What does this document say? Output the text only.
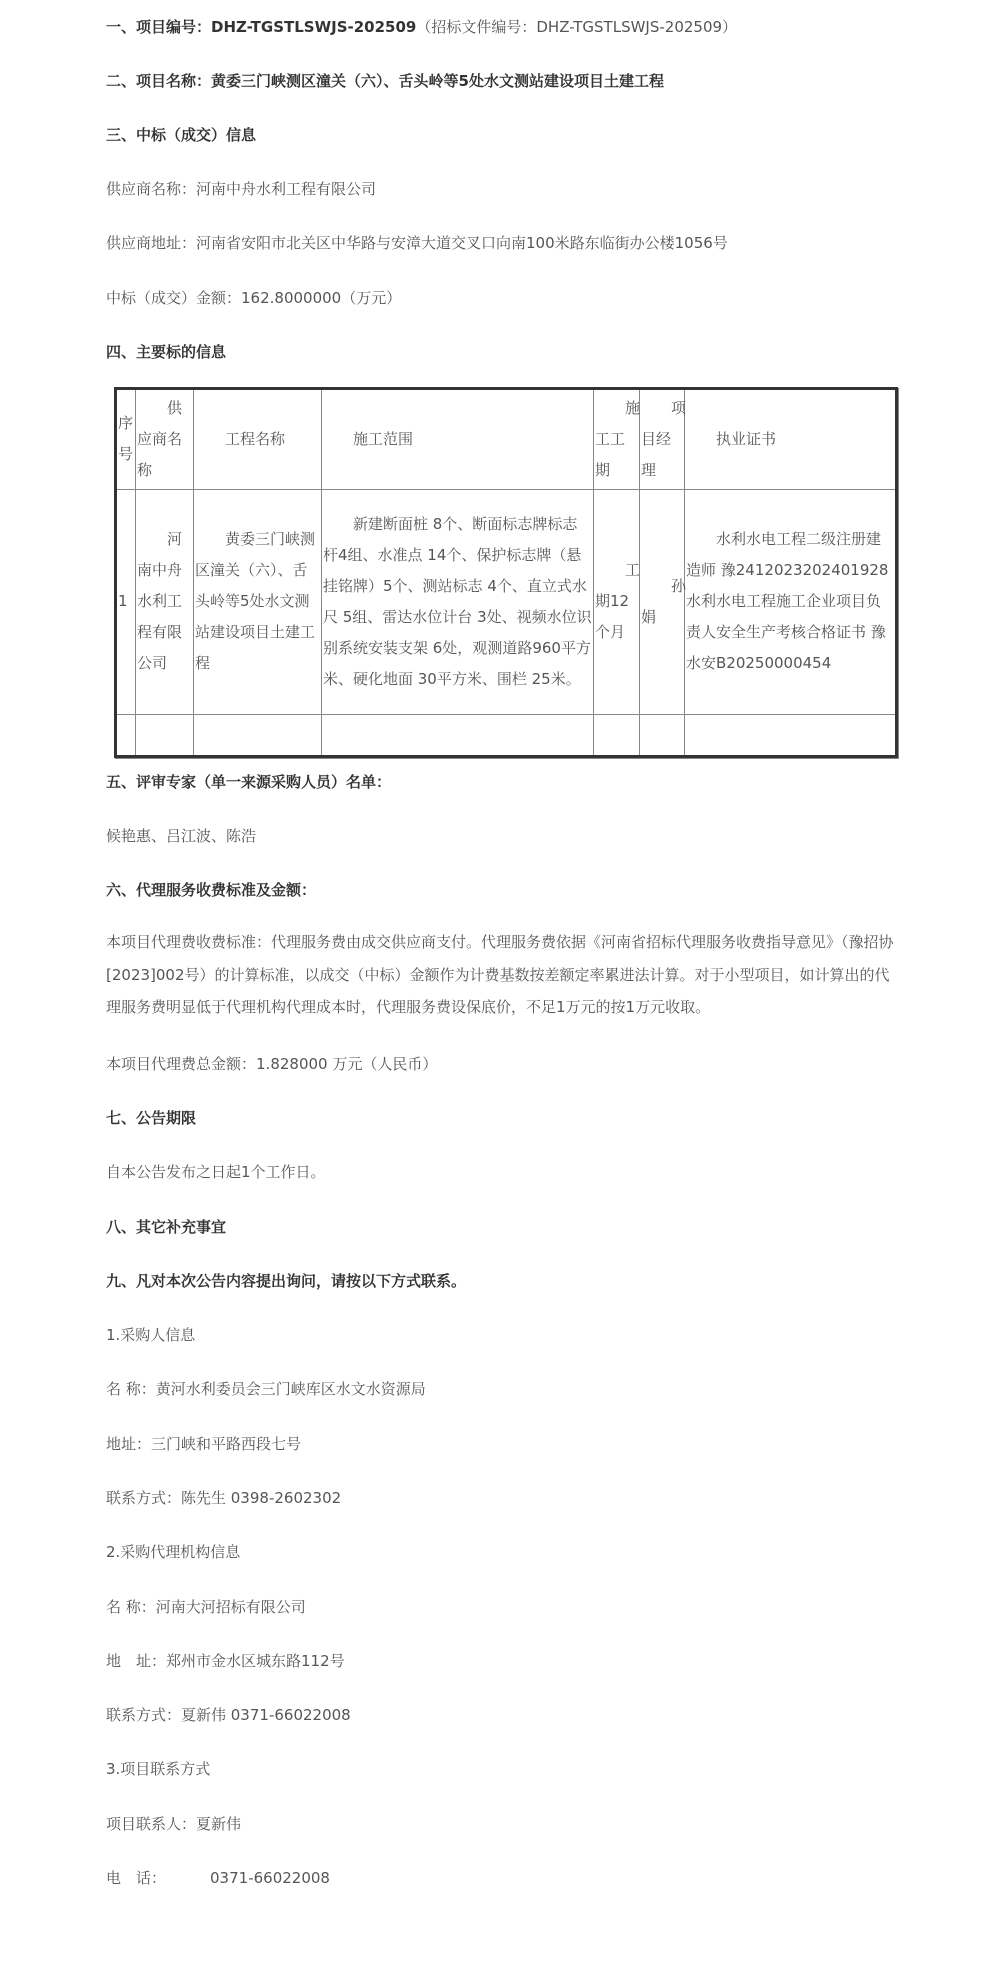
一、项目编号：DHZ-TGSTLSWJS-202509（招标文件编号：DHZ-TGSTLSWJS-202509）
二、项目名称：黄委三门峡测区潼关（六）、舌头岭等5处水文测站建设项目土建工程
三、中标（成交）信息
供应商名称：河南中舟水利工程有限公司
供应商地址：河南省安阳市北关区中华路与安漳大道交叉口向南100米路东临街办公楼1056号
中标（成交）金额：162.8000000（万元）
四、主要标的信息
序号	供应商名称	工程名称	施工范围	施工工期	项目经理	执业证书
1	河南中舟水利工程有限公司	黄委三门峡测区潼关（六）、舌头岭等5处水文测站建设项目土建工程	新建断面桩 8个、断面标志牌标志杆4组、水准点 14个、保护标志牌（悬挂铭牌）5个、测站标志 4个、直立式水尺 5组、雷达水位计台 3处、视频水位识别系统安装支架 6处，观测道路960平方米、硬化地面 30平方米、围栏 25米。	工期12个月	孙娟	水利水电工程二级注册建造师 豫2412023202401928 水利水电工程施工企业项目负责人安全生产考核合格证书 豫水安B20250000454

五、评审专家（单一来源采购人员）名单：
候艳惠、吕江波、陈浩
六、代理服务收费标准及金额：
本项目代理费收费标准：代理服务费由成交供应商支付。代理服务费依据《河南省招标代理服务收费指导意见》（豫招协[2023]002号）的计算标准，以成交（中标）金额作为计费基数按差额定率累进法计算。对于小型项目，如计算出的代理服务费明显低于代理机构代理成本时，代理服务费设保底价，不足1万元的按1万元收取。
本项目代理费总金额：1.828000 万元（人民币）
七、公告期限
自本公告发布之日起1个工作日。
八、其它补充事宜
九、凡对本次公告内容提出询问，请按以下方式联系。
1.采购人信息
名 称：黄河水利委员会三门峡库区水文水资源局
地址：三门峡和平路西段七号
联系方式：陈先生 0398-2602302
2.采购代理机构信息
名 称：河南大河招标有限公司
地　址：郑州市金水区城东路112号
联系方式：夏新伟 0371-66022008
3.项目联系方式
项目联系人：夏新伟
电　话：	0371-66022008
